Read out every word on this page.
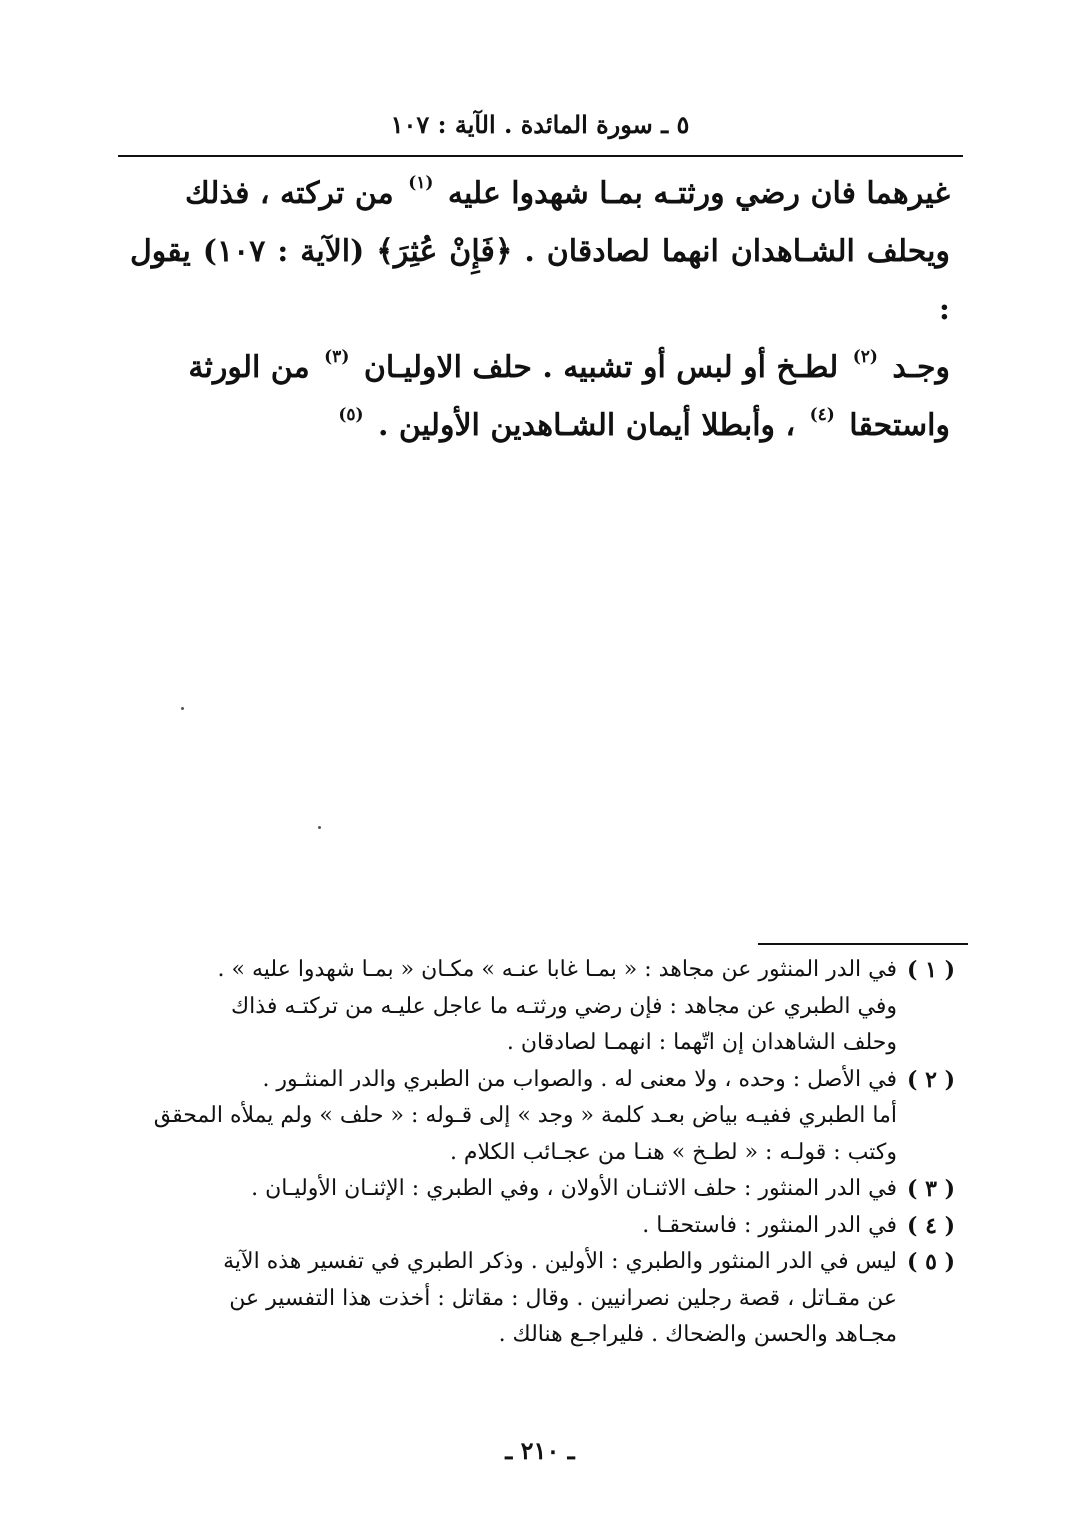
٥ ـ سورة المائدة . الآية : ١٠٧

غيرهما فان رضي ورثتـه بمـا شهدوا عليه $^{(١)}$ من تركته ، فذلك
ويحلف الشـاهدان انهما لصادقان . ﴿فَإِنْ عُثِرَ﴾ (الآية : ١٠٧) يقول :
وجـد $^{(٢)}$ لطـخ أو لبس أو تشبيه . حلف الاوليـان $^{(٣)}$ من الورثة
واستحقا $^{(٤)}$ ، وأبطلا أيمان الشـاهدين الأولين . $^{(٥)}$

( ١ )
في الدر المنثور عن مجاهد : « بمـا غابا عنـه » مكـان « بمـا شهدوا عليه » .
وفي الطبري عن مجاهد : فإن رضي ورثتـه ما عاجل عليـه من تركتـه فذاك
وحلف الشاهدان إن اتّهما : انهمـا لصادقان .
( ٢ )
في الأصل : وحده ، ولا معنى له . والصواب من الطبري والدر المنثـور .
أما الطبري ففيـه بياض بعـد كلمة « وجد » إلى قـوله : « حلف » ولم يملأه المحقق
وكتب : قولـه : « لطـخ » هنـا من عجـائب الكلام .
( ٣ )
في الدر المنثور : حلف الاثنـان الأولان ، وفي الطبري : الإثنـان الأوليـان .
( ٤ )
في الدر المنثور : فاستحقـا .
( ٥ )
ليس في الدر المنثور والطبري : الأولين . وذكر الطبري في تفسير هذه الآية
عن مقـاتل ، قصة رجلين نصرانيين . وقال : مقاتل : أخذت هذا التفسير عن
مجـاهد والحسن والضحاك . فليراجـع هنالك .
ـ ٢١٠ ـ
